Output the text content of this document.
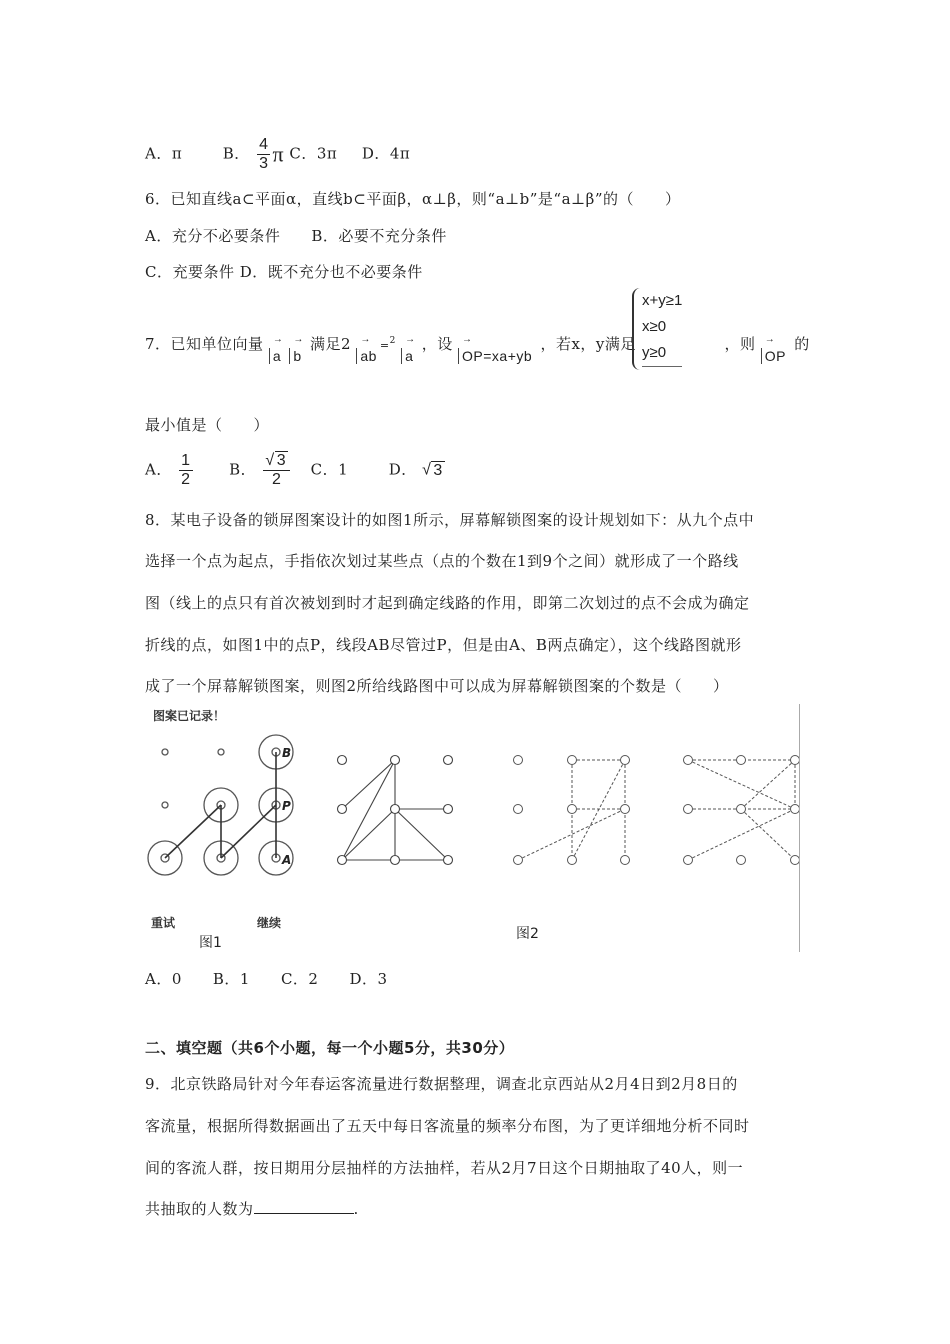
A．π	B． $\frac{4}{3}$ π C．3π D．4π
6．已知直线a⊂平面α，直线b⊂平面β，α⊥β，则“a⊥b”是“a⊥β”的（　　）
A．充分不必要条件　　B．必要不充分条件
C．充要条件 D．既不充分也不必要条件
7．已知单位向量 → a → b 满足2 → ab=$^2$ → a ，设 → OP=xa+yb ，若x，y满足	，则 → OP 的
x+y≥1
x≥0
y≥0
最小值是（　　）
A． $\frac{1}{2}$ B． $\frac{√ 3}{2}$ C．1	D． √ 3
8．某电子设备的锁屏图案设计的如图1所示，屏幕解锁图案的设计规划如下：从九个点中
选择一个点为起点，手指依次划过某些点（点的个数在1到9个之间）就形成了一个路线
图（线上的点只有首次被划到时才起到确定线路的作用，即第二次划过的点不会成为确定
折线的点，如图1中的点P，线段AB尽管过P，但是由A、B两点确定），这个线路图就形
成了一个屏幕解锁图案，则图2所给线路图中可以成为屏幕解锁图案的个数是（　　）
图案已记录！
B
P
A
重试	继续
图1
图2
A．0　　B．1　　C．2　　D．3
二、填空题（共6个小题，每一个小题5分，共30分）
9．北京铁路局针对今年春运客流量进行数据整理，调查北京西站从2月4日到2月8日的
客流量，根据所得数据画出了五天中每日客流量的频率分布图，为了更详细地分析不同时
间的客流人群，按日期用分层抽样的方法抽样，若从2月7日这个日期抽取了40人，则一
共抽取的人数为	.
